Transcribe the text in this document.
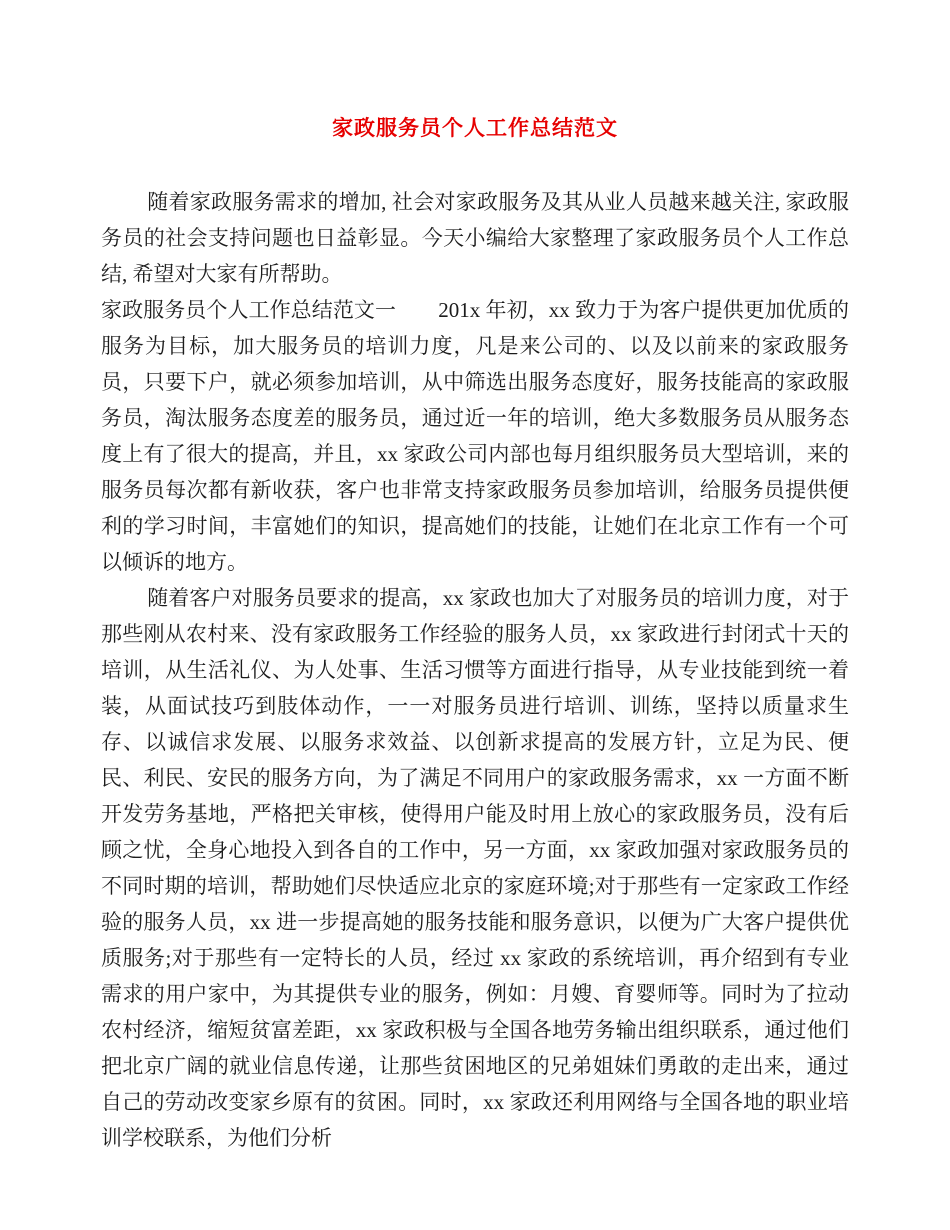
家政服务员个人工作总结范文

随着家政服务需求的增加, 社会对家政服务及其从业人员越来越关注, 家政服务员的社会支持问题也日益彰显。今天小编给大家整理了家政服务员个人工作总结, 希望对大家有所帮助。

家政服务员个人工作总结范文一　　201x 年初，xx 致力于为客户提供更加优质的服务为目标，加大服务员的培训力度，凡是来公司的、以及以前来的家政服务员，只要下户，就必须参加培训，从中筛选出服务态度好，服务技能高的家政服务员，淘汰服务态度差的服务员，通过近一年的培训，绝大多数服务员从服务态度上有了很大的提高，并且，xx 家政公司内部也每月组织服务员大型培训，来的服务员每次都有新收获，客户也非常支持家政服务员参加培训，给服务员提供便利的学习时间，丰富她们的知识，提高她们的技能，让她们在北京工作有一个可以倾诉的地方。

随着客户对服务员要求的提高，xx 家政也加大了对服务员的培训力度，对于那些刚从农村来、没有家政服务工作经验的服务人员，xx 家政进行封闭式十天的培训，从生活礼仪、为人处事、生活习惯等方面进行指导，从专业技能到统一着装，从面试技巧到肢体动作，一一对服务员进行培训、训练，坚持以质量求生存、以诚信求发展、以服务求效益、以创新求提高的发展方针，立足为民、便民、利民、安民的服务方向，为了满足不同用户的家政服务需求，xx 一方面不断开发劳务基地，严格把关审核，使得用户能及时用上放心的家政服务员，没有后顾之忧，全身心地投入到各自的工作中，另一方面，xx 家政加强对家政服务员的不同时期的培训，帮助她们尽快适应北京的家庭环境;对于那些有一定家政工作经验的服务人员，xx 进一步提高她的服务技能和服务意识，以便为广大客户提供优质服务;对于那些有一定特长的人员，经过 xx 家政的系统培训，再介绍到有专业需求的用户家中，为其提供专业的服务，例如：月嫂、育婴师等。同时为了拉动农村经济，缩短贫富差距，xx 家政积极与全国各地劳务输出组织联系，通过他们把北京广阔的就业信息传递，让那些贫困地区的兄弟姐妹们勇敢的走出来，通过自己的劳动改变家乡原有的贫困。同时，xx 家政还利用网络与全国各地的职业培训学校联系，为他们分析
